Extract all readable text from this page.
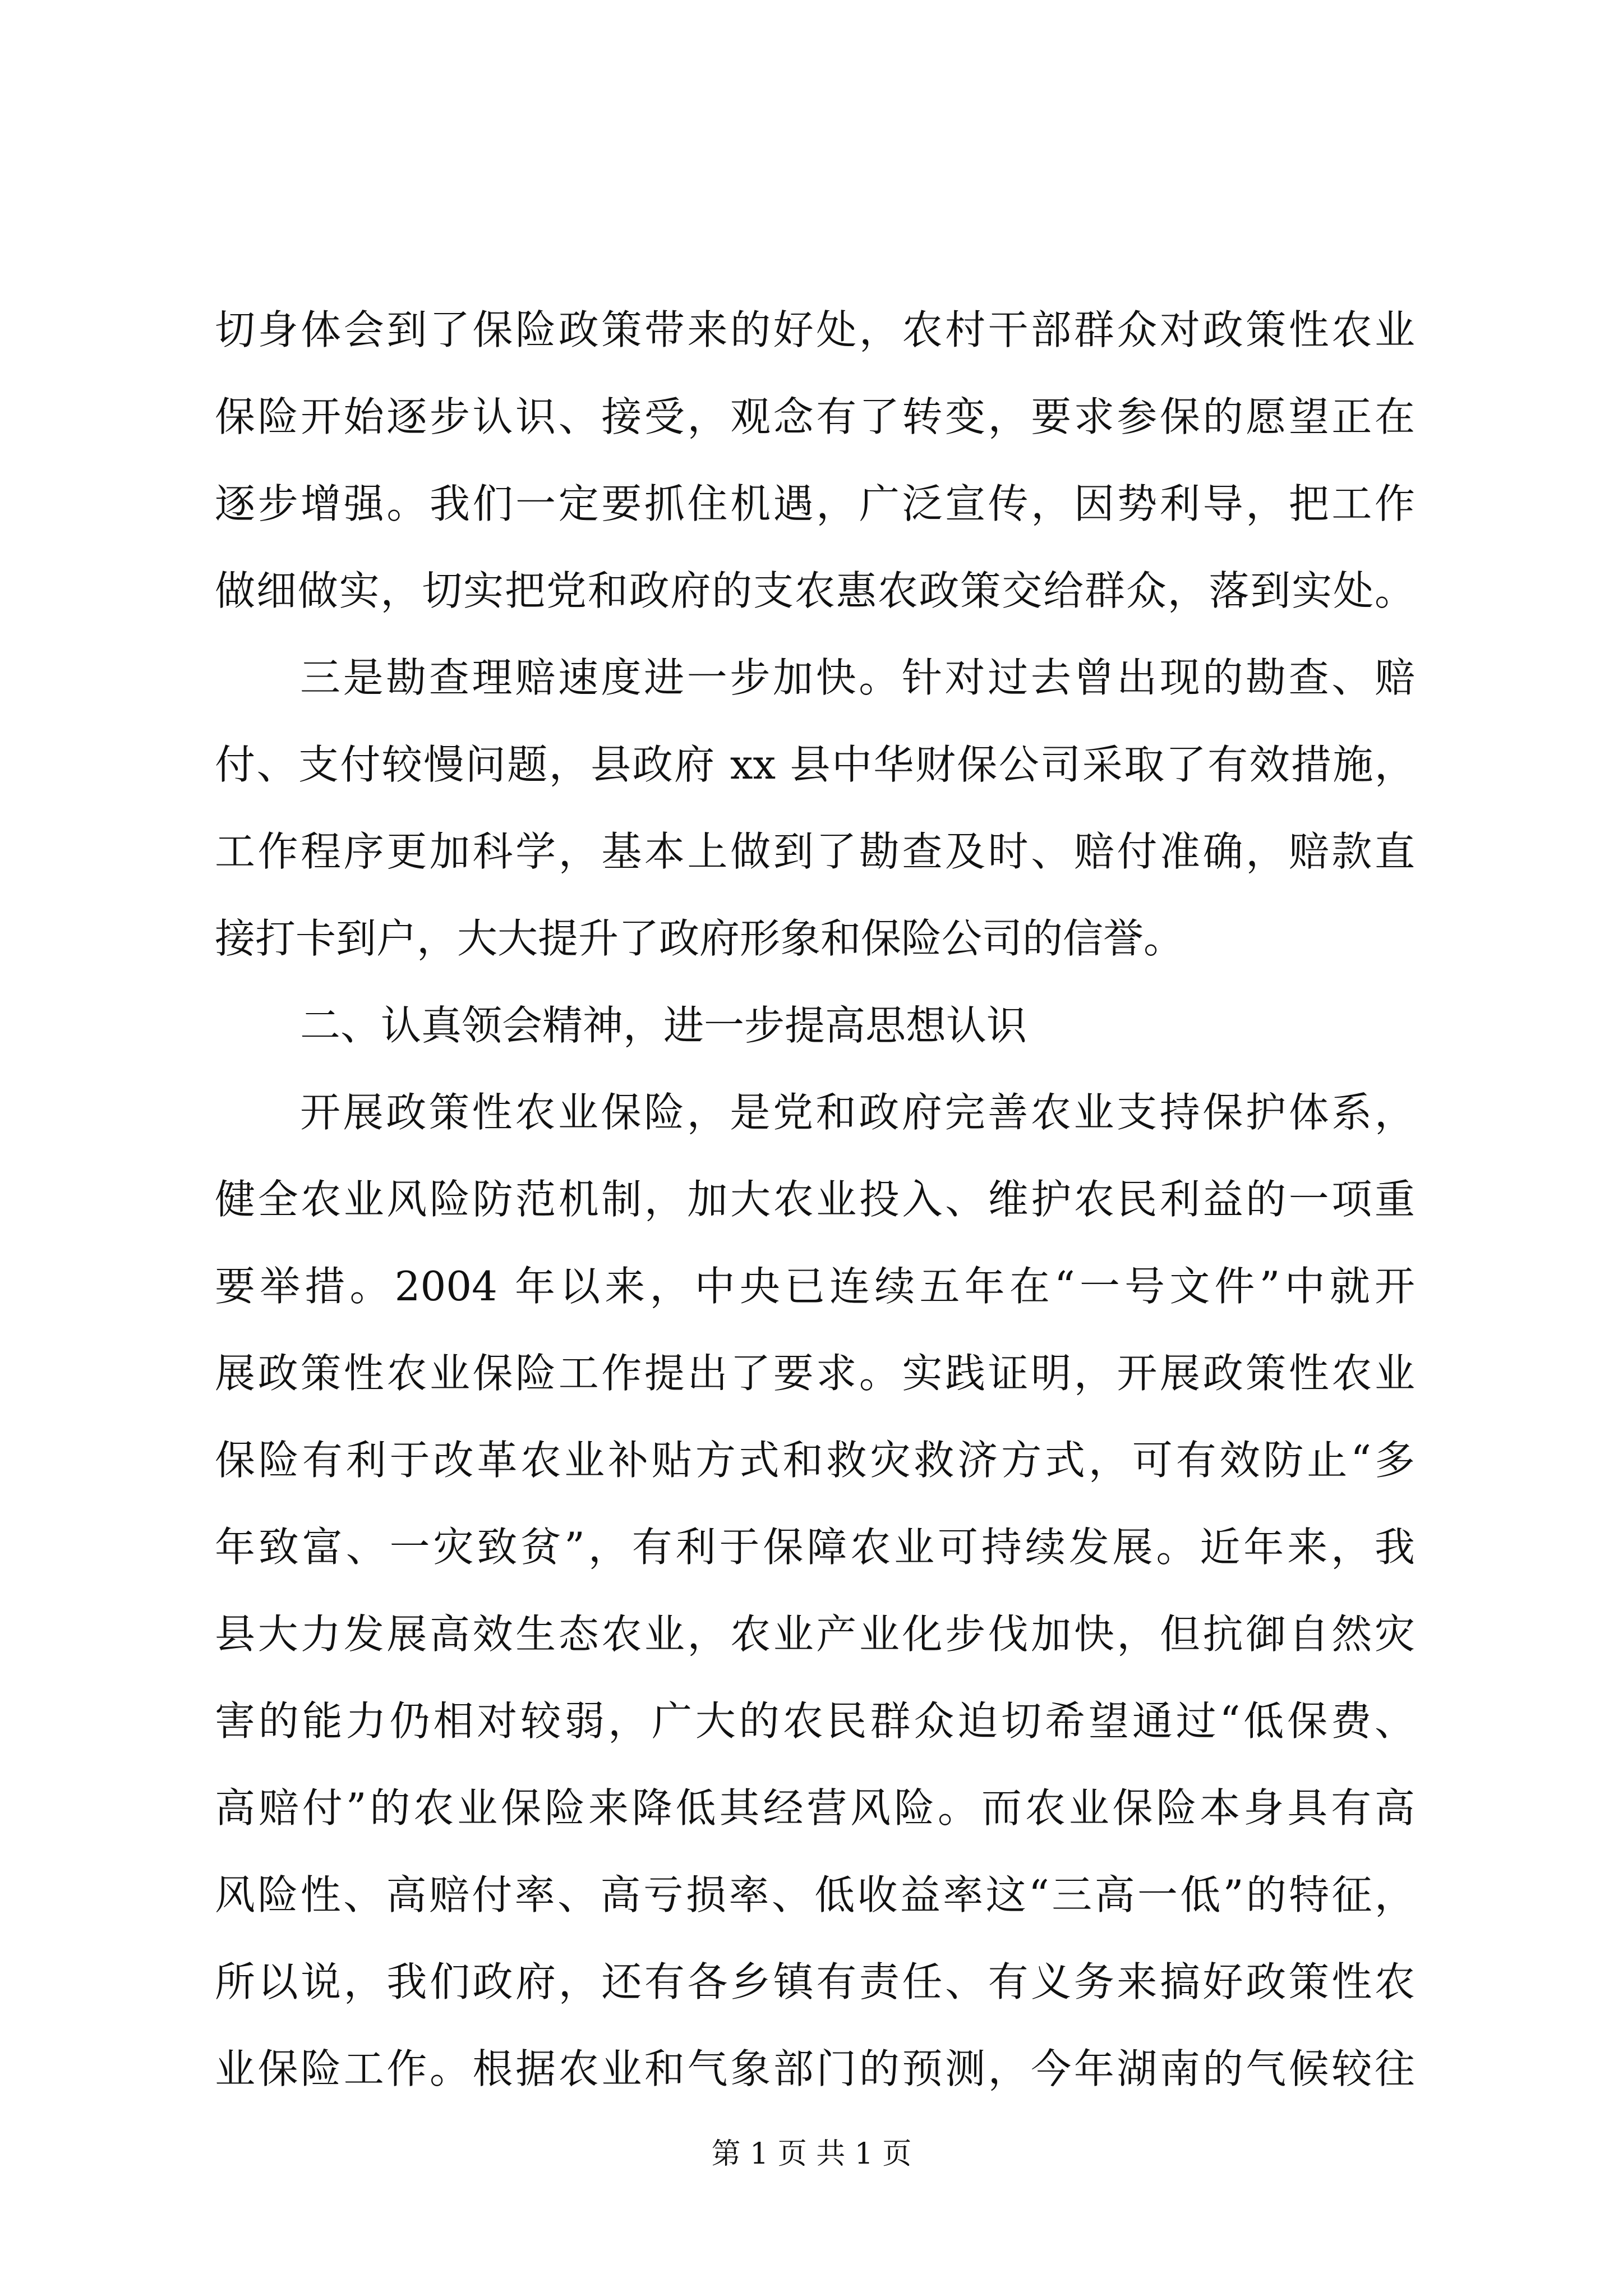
切身体会到了保险政策带来的好处，农村干部群众对政策性农业
保险开始逐步认识、接受，观念有了转变，要求参保的愿望正在
逐步增强。我们一定要抓住机遇，广泛宣传，因势利导，把工作
做细做实，切实把党和政府的支农惠农政策交给群众，落到实处。
三是勘查理赔速度进一步加快。针对过去曾出现的勘查、赔
付、支付较慢问题，县政府 xx 县中华财保公司采取了有效措施，
工作程序更加科学，基本上做到了勘查及时、赔付准确，赔款直
接打卡到户，大大提升了政府形象和保险公司的信誉。
二、认真领会精神，进一步提高思想认识
开展政策性农业保险，是党和政府完善农业支持保护体系，
健全农业风险防范机制，加大农业投入、维护农民利益的一项重
要举措。2004 年以来，中央已连续五年在“一号文件”中就开
展政策性农业保险工作提出了要求。实践证明，开展政策性农业
保险有利于改革农业补贴方式和救灾救济方式，可有效防止“多
年致富、一灾致贫”，有利于保障农业可持续发展。近年来，我
县大力发展高效生态农业，农业产业化步伐加快，但抗御自然灾
害的能力仍相对较弱，广大的农民群众迫切希望通过“低保费、
高赔付”的农业保险来降低其经营风险。而农业保险本身具有高
风险性、高赔付率、高亏损率、低收益率这“三高一低”的特征，
所以说，我们政府，还有各乡镇有责任、有义务来搞好政策性农
业保险工作。根据农业和气象部门的预测，今年湖南的气候较往
第 1 页 共 1 页
